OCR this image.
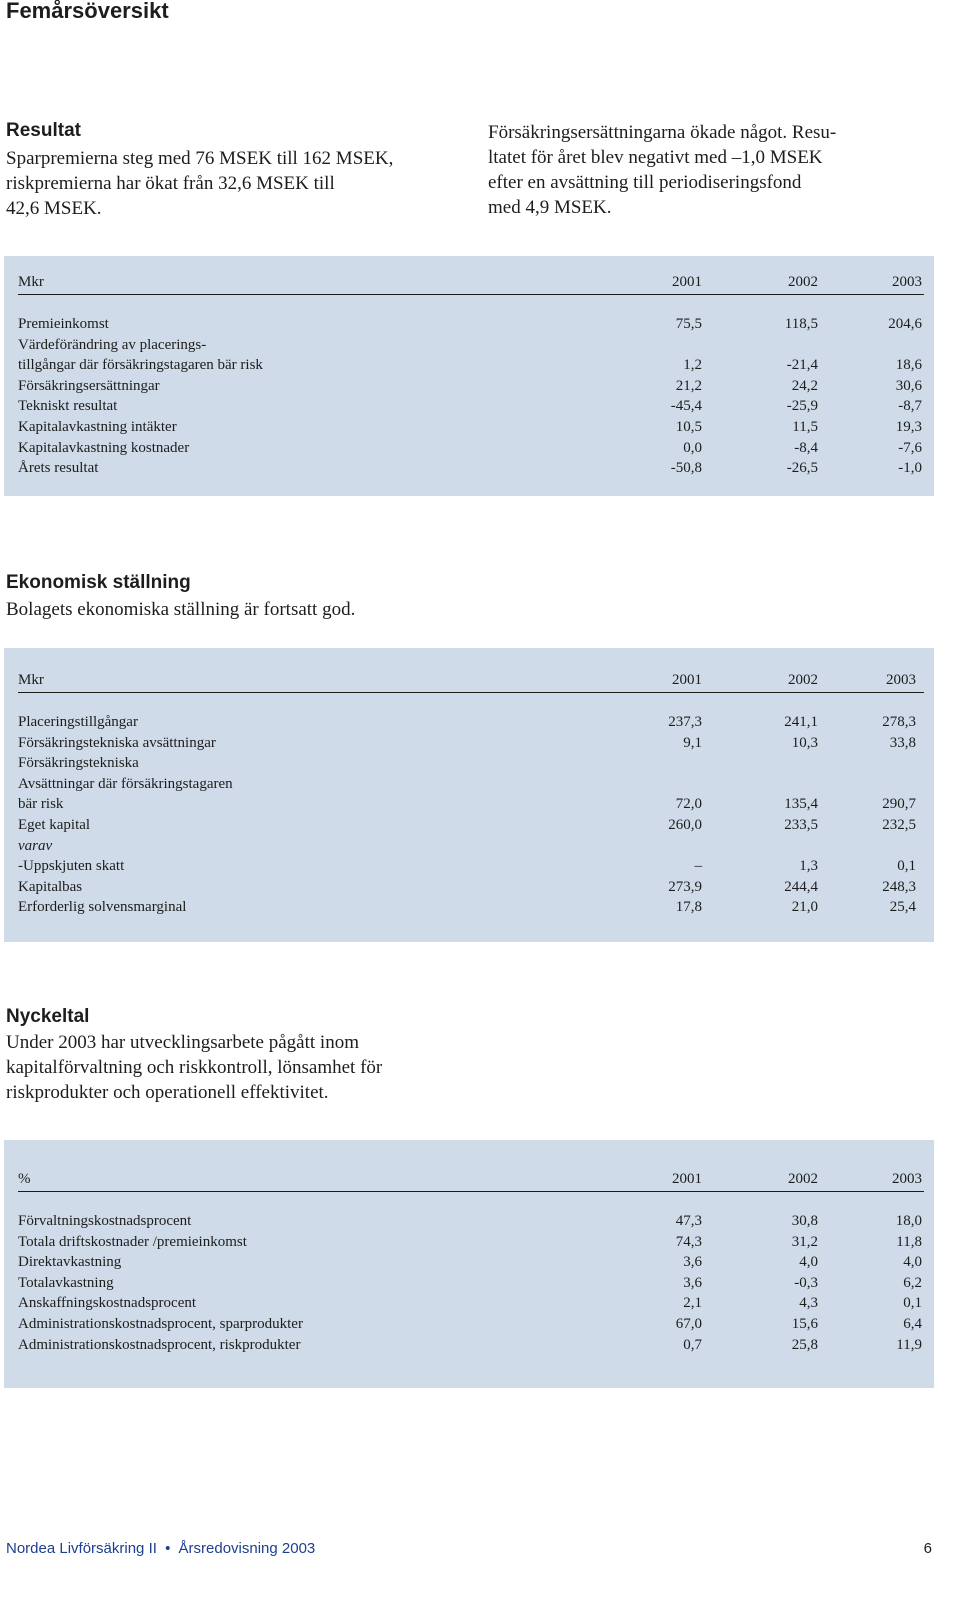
Femårsöversikt
Resultat
Sparpremierna steg med 76 MSEK till 162 MSEK,
riskpremierna har ökat från 32,6 MSEK till
42,6 MSEK.
Försäkringsersättningarna ökade något. Resu-
ltatet för året blev negativt med –1,0 MSEK
efter en avsättning till periodiseringsfond
med 4,9 MSEK.
Mkr	2001	2002	2003
Premieinkomst	75,5	118,5	204,6
Värdeförändring av placerings-
tillgångar där försäkringstagaren bär risk	1,2	-21,4	18,6
Försäkringsersättningar	21,2	24,2	30,6
Tekniskt resultat	-45,4	-25,9	-8,7
Kapitalavkastning intäkter	10,5	11,5	19,3
Kapitalavkastning kostnader	0,0	-8,4	-7,6
Årets resultat	-50,8	-26,5	-1,0
Ekonomisk ställning
Bolagets ekonomiska ställning är fortsatt god.
Mkr	2001	2002	2003
Placeringstillgångar	237,3	241,1	278,3
Försäkringstekniska avsättningar	9,1	10,3	33,8
Försäkringstekniska
Avsättningar där försäkringstagaren
bär risk	72,0	135,4	290,7
Eget kapital	260,0	233,5	232,5
varav
-Uppskjuten skatt	–	1,3	0,1
Kapitalbas	273,9	244,4	248,3
Erforderlig solvensmarginal	17,8	21,0	25,4
Nyckeltal
Under 2003 har utvecklingsarbete pågått inom
kapitalförvaltning och riskkontroll, lönsamhet för
riskprodukter och operationell effektivitet.
%	2001	2002	2003
Förvaltningskostnadsprocent	47,3	30,8	18,0
Totala driftskostnader /premieinkomst	74,3	31,2	11,8
Direktavkastning	3,6	4,0	4,0
Totalavkastning	3,6	-0,3	6,2
Anskaffningskostnadsprocent	2,1	4,3	0,1
Administrationskostnadsprocent, sparprodukter	67,0	15,6	6,4
Administrationskostnadsprocent, riskprodukter	0,7	25,8	11,9
Nordea Livförsäkring II • Årsredovisning 2003	6
